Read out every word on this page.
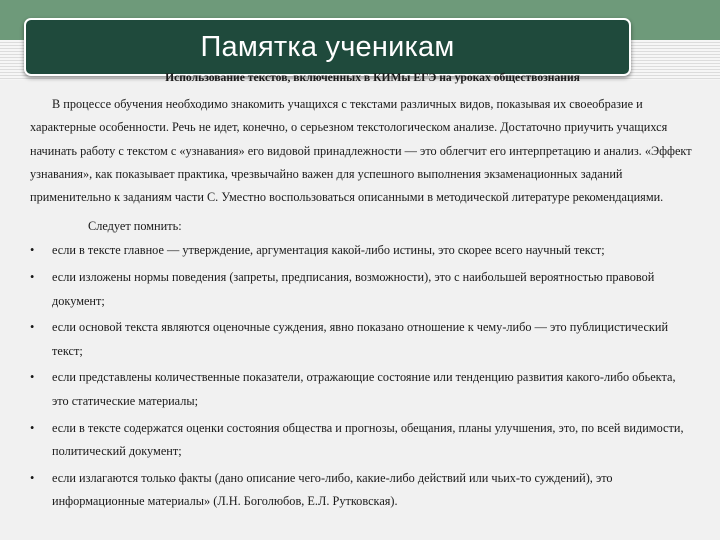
Памятка ученикам

Использование текстов, включенных в КИМы ЕГЭ на уроках обществознания

В процессе обучения необходимо знакомить учащихся с текстами различных видов, показывая их своеобразие и характерные особенности. Речь не идет, конечно, о серьезном текстологическом анализе. Достаточно приучить учащихся начинать работу с текстом с «узнавания» его видовой принадлежности — это облегчит его интерпретацию и анализ. «Эффект узнавания», как показывает практика, чрезвычайно важен для успешного выполнения экзаменационных заданий применительно к заданиям части С. Уместно воспользоваться описанными в методической литературе рекомендациями.

Следует помнить:

• если в тексте главное — утверждение, аргументация какой-либо истины, это скорее всего научный текст;
• если изложены нормы поведения (запреты, предписания, возможности), это с наибольшей вероятностью правовой документ;
• если основой текста являются оценочные суждения, явно показано отношение к чему-либо — это публицистический текст;
• если представлены количественные показатели, отражающие состояние или тенденцию развития какого-либо обьекта, это статические материалы;
• если в тексте содержатся оценки состояния общества и прогнозы, обещания, планы улучшения, это, по всей видимости, политический документ;
• если излагаются только факты (дано описание чего-либо, какие-либо действий или чьих-то суждений), это информационные материалы» (Л.Н. Боголюбов, Е.Л. Рутковская).
